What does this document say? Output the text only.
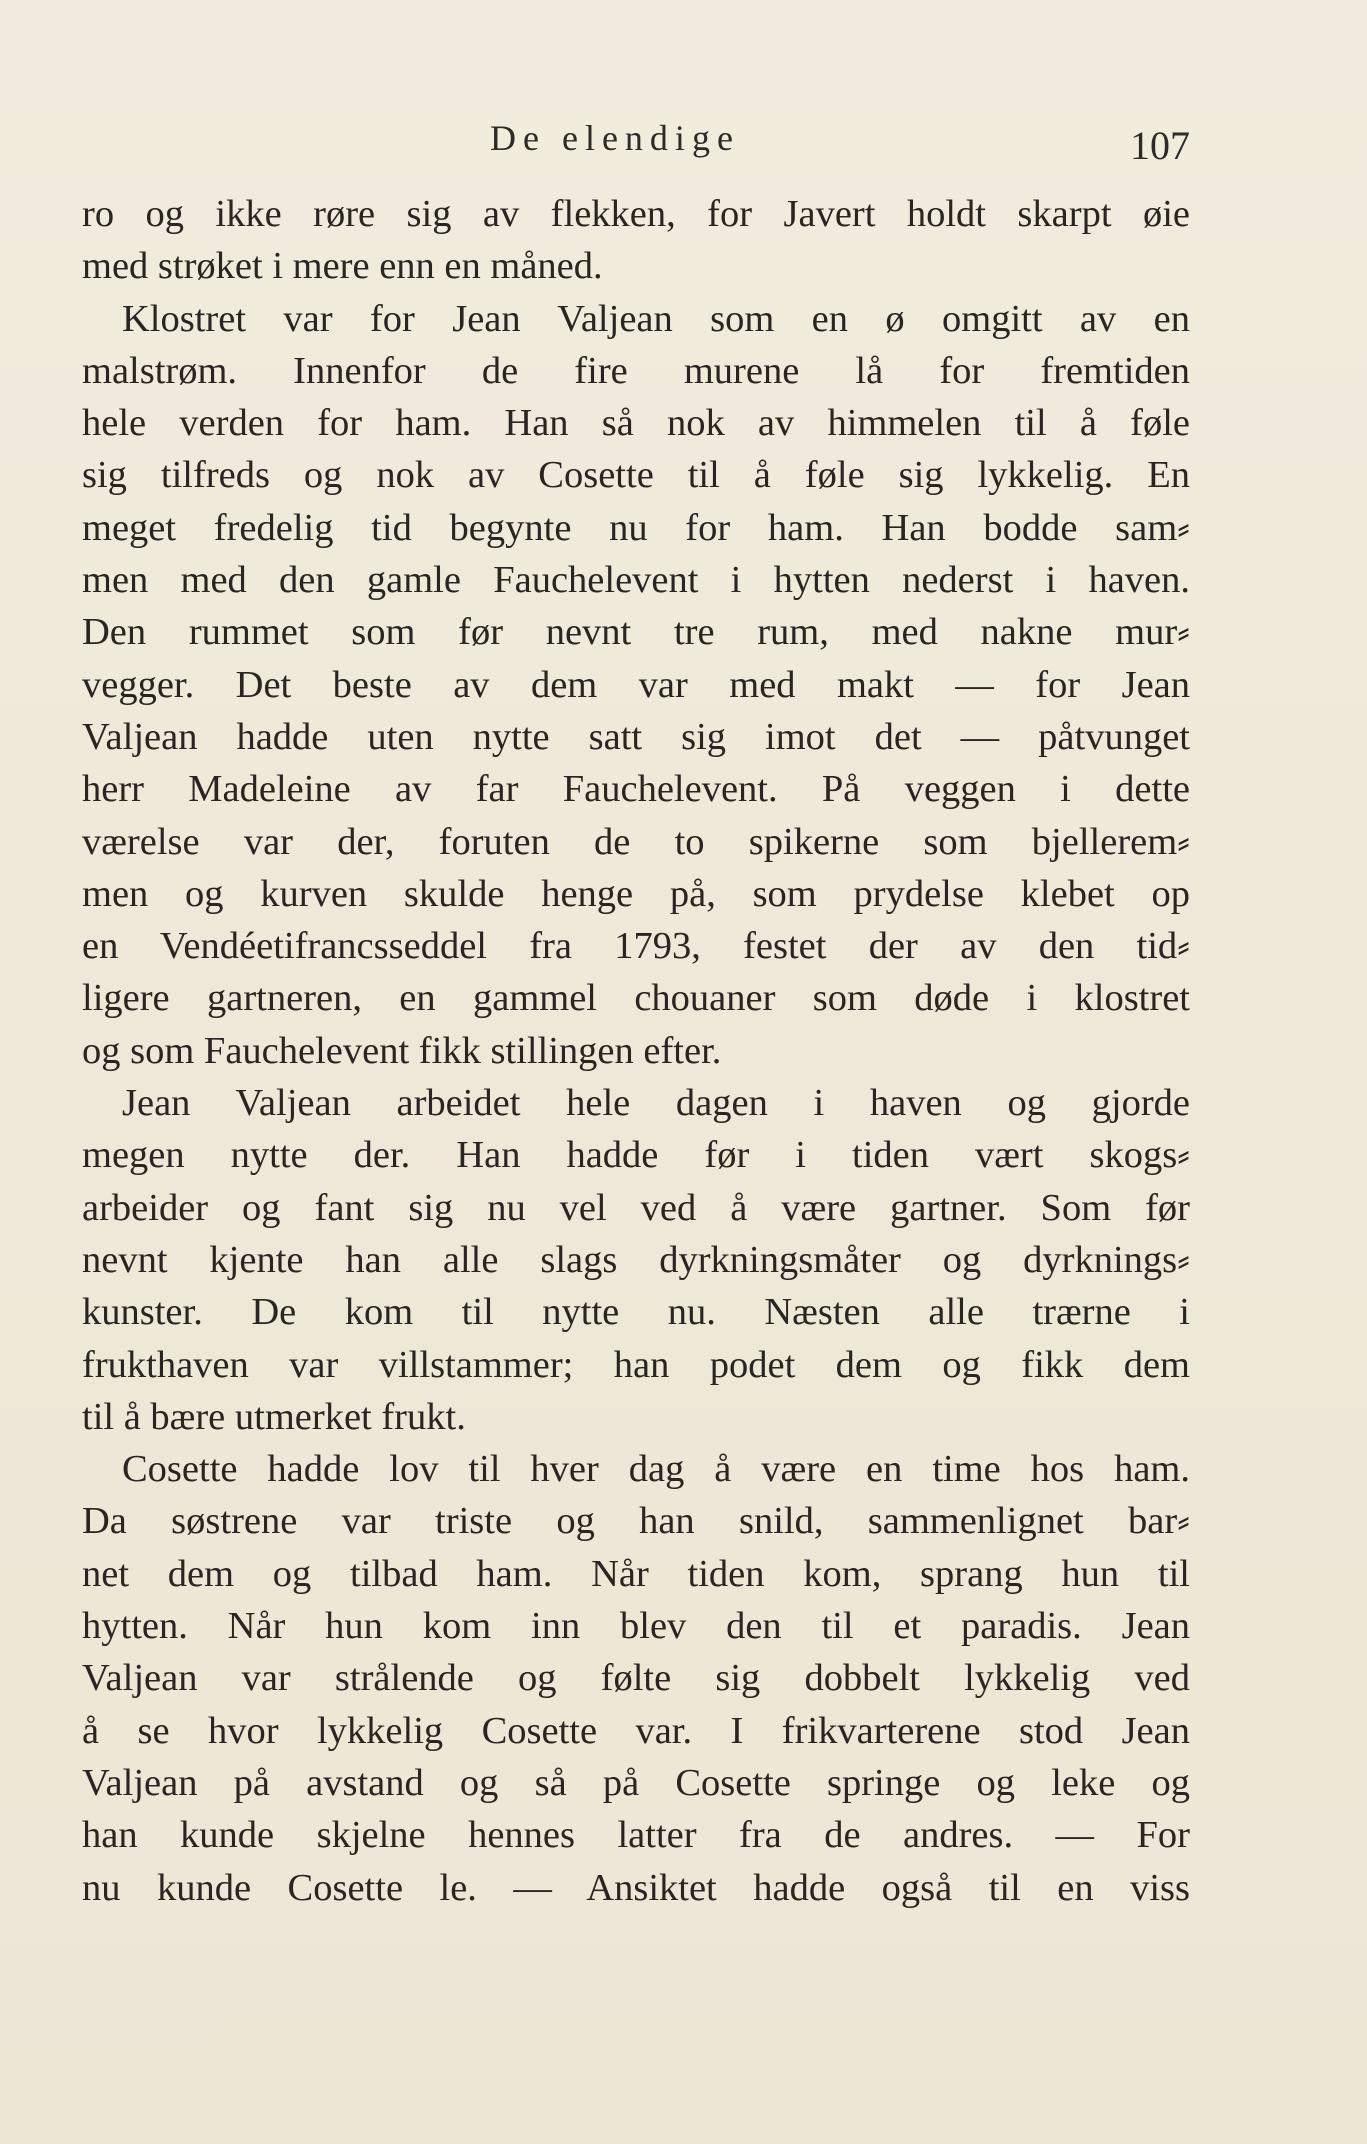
De elendige	107
ro og ikke røre sig av flekken, for Javert holdt skarpt øie
med strøket i mere enn en måned.
Klostret var for Jean Valjean som en ø omgitt av en
malstrøm. Innenfor de fire murene lå for fremtiden
hele verden for ham. Han så nok av himmelen til å føle
sig tilfreds og nok av Cosette til å føle sig lykkelig. En
meget fredelig tid begynte nu for ham. Han bodde sam⸗
men med den gamle Fauchelevent i hytten nederst i haven.
Den rummet som før nevnt tre rum, med nakne mur⸗
vegger. Det beste av dem var med makt — for Jean
Valjean hadde uten nytte satt sig imot det — påtvunget
herr Madeleine av far Fauchelevent. På veggen i dette
værelse var der, foruten de to spikerne som bjellerem⸗
men og kurven skulde henge på, som prydelse klebet op
en Vendéetifrancsseddel fra 1793, festet der av den tid⸗
ligere gartneren, en gammel chouaner som døde i klostret
og som Fauchelevent fikk stillingen efter.
Jean Valjean arbeidet hele dagen i haven og gjorde
megen nytte der. Han hadde før i tiden vært skogs⸗
arbeider og fant sig nu vel ved å være gartner. Som før
nevnt kjente han alle slags dyrkningsmåter og dyrknings⸗
kunster. De kom til nytte nu. Næsten alle trærne i
frukthaven var villstammer; han podet dem og fikk dem
til å bære utmerket frukt.
Cosette hadde lov til hver dag å være en time hos ham.
Da søstrene var triste og han snild, sammenlignet bar⸗
net dem og tilbad ham. Når tiden kom, sprang hun til
hytten. Når hun kom inn blev den til et paradis. Jean
Valjean var strålende og følte sig dobbelt lykkelig ved
å se hvor lykkelig Cosette var. I frikvarterene stod Jean
Valjean på avstand og så på Cosette springe og leke og
han kunde skjelne hennes latter fra de andres. — For
nu kunde Cosette le. — Ansiktet hadde også til en viss
